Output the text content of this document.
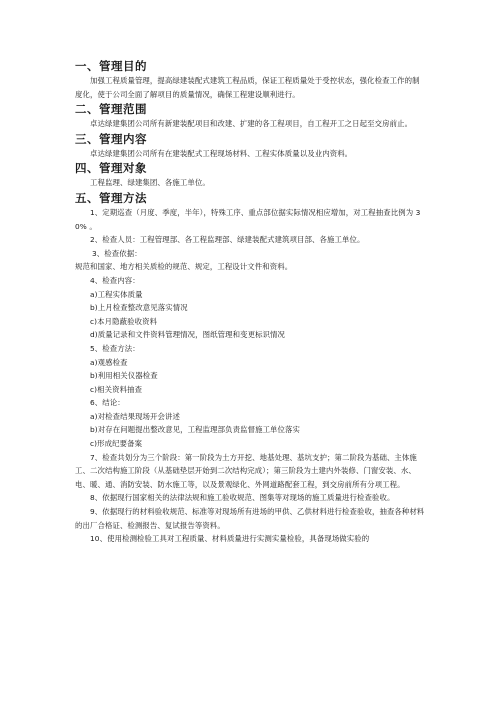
一、管理目的

加强工程质量管理，提高绿建装配式建筑工程品质，保证工程质量处于受控状态，强化检查工作的制度化，使于公司全面了解项目的质量情况，确保工程建设顺利进行。

二、管理范围

卓达绿建集团公司所有新建装配项目和改建、扩建的各工程项目，自工程开工之日起至交房前止。

三、管理内容

卓达绿建集团公司所有在建装配式工程现场材料、工程实体质量以及业内资料。

四、管理对象

工程监理、绿建集团、各施工单位。

五、管理方法

1、定期巡查（月度、季度，半年），特殊工序、重点部位据实际情况相应增加，对工程抽查比例为 30% 。

2、检查人员：工程管理部、各工程监理部、绿建装配式建筑项目部、各施工单位。

3、检查依据：

规范和国家、地方相关质检的规范、规定，工程设计文件和资料。

4、检查内容：

a)工程实体质量

b)上月检查整改意见落实情况

c)本月隐蔽验收资料

d)质量记录和文件资料管理情况，图纸管理和变更标识情况

5、检查方法：

a)观感检查

b)利用相关仪器检查

c)相关资料抽查

6、结论：

a)对检查结果现场开会讲述

b)对存在问题提出整改意见，工程监理部负责监督施工单位落实

c)形成纪要备案

7、检查共划分为三个阶段：第一阶段为土方开挖、地基处理、基坑支护；第二阶段为基础、主体施工、二次结构施工阶段（从基础垫层开始到二次结构完成）；第三阶段为土建内外装修、门窗安装、水、电、暖、通、消防安装、防水施工等，以及景观绿化、外网道路配套工程，到交房前所有分项工程。

8、依据现行国家相关的法律法规和施工验收规范、图集等对现场的施工质量进行检查验收。

9、依据现行的材料验收规范、标准等对现场所有进场的甲供、乙供材料进行检查验收，抽查各种材料的出厂合格证、检测报告、复试报告等资料。

10、使用检测检验工具对工程质量、材料质量进行实测实量检验，具备现场做实验的
